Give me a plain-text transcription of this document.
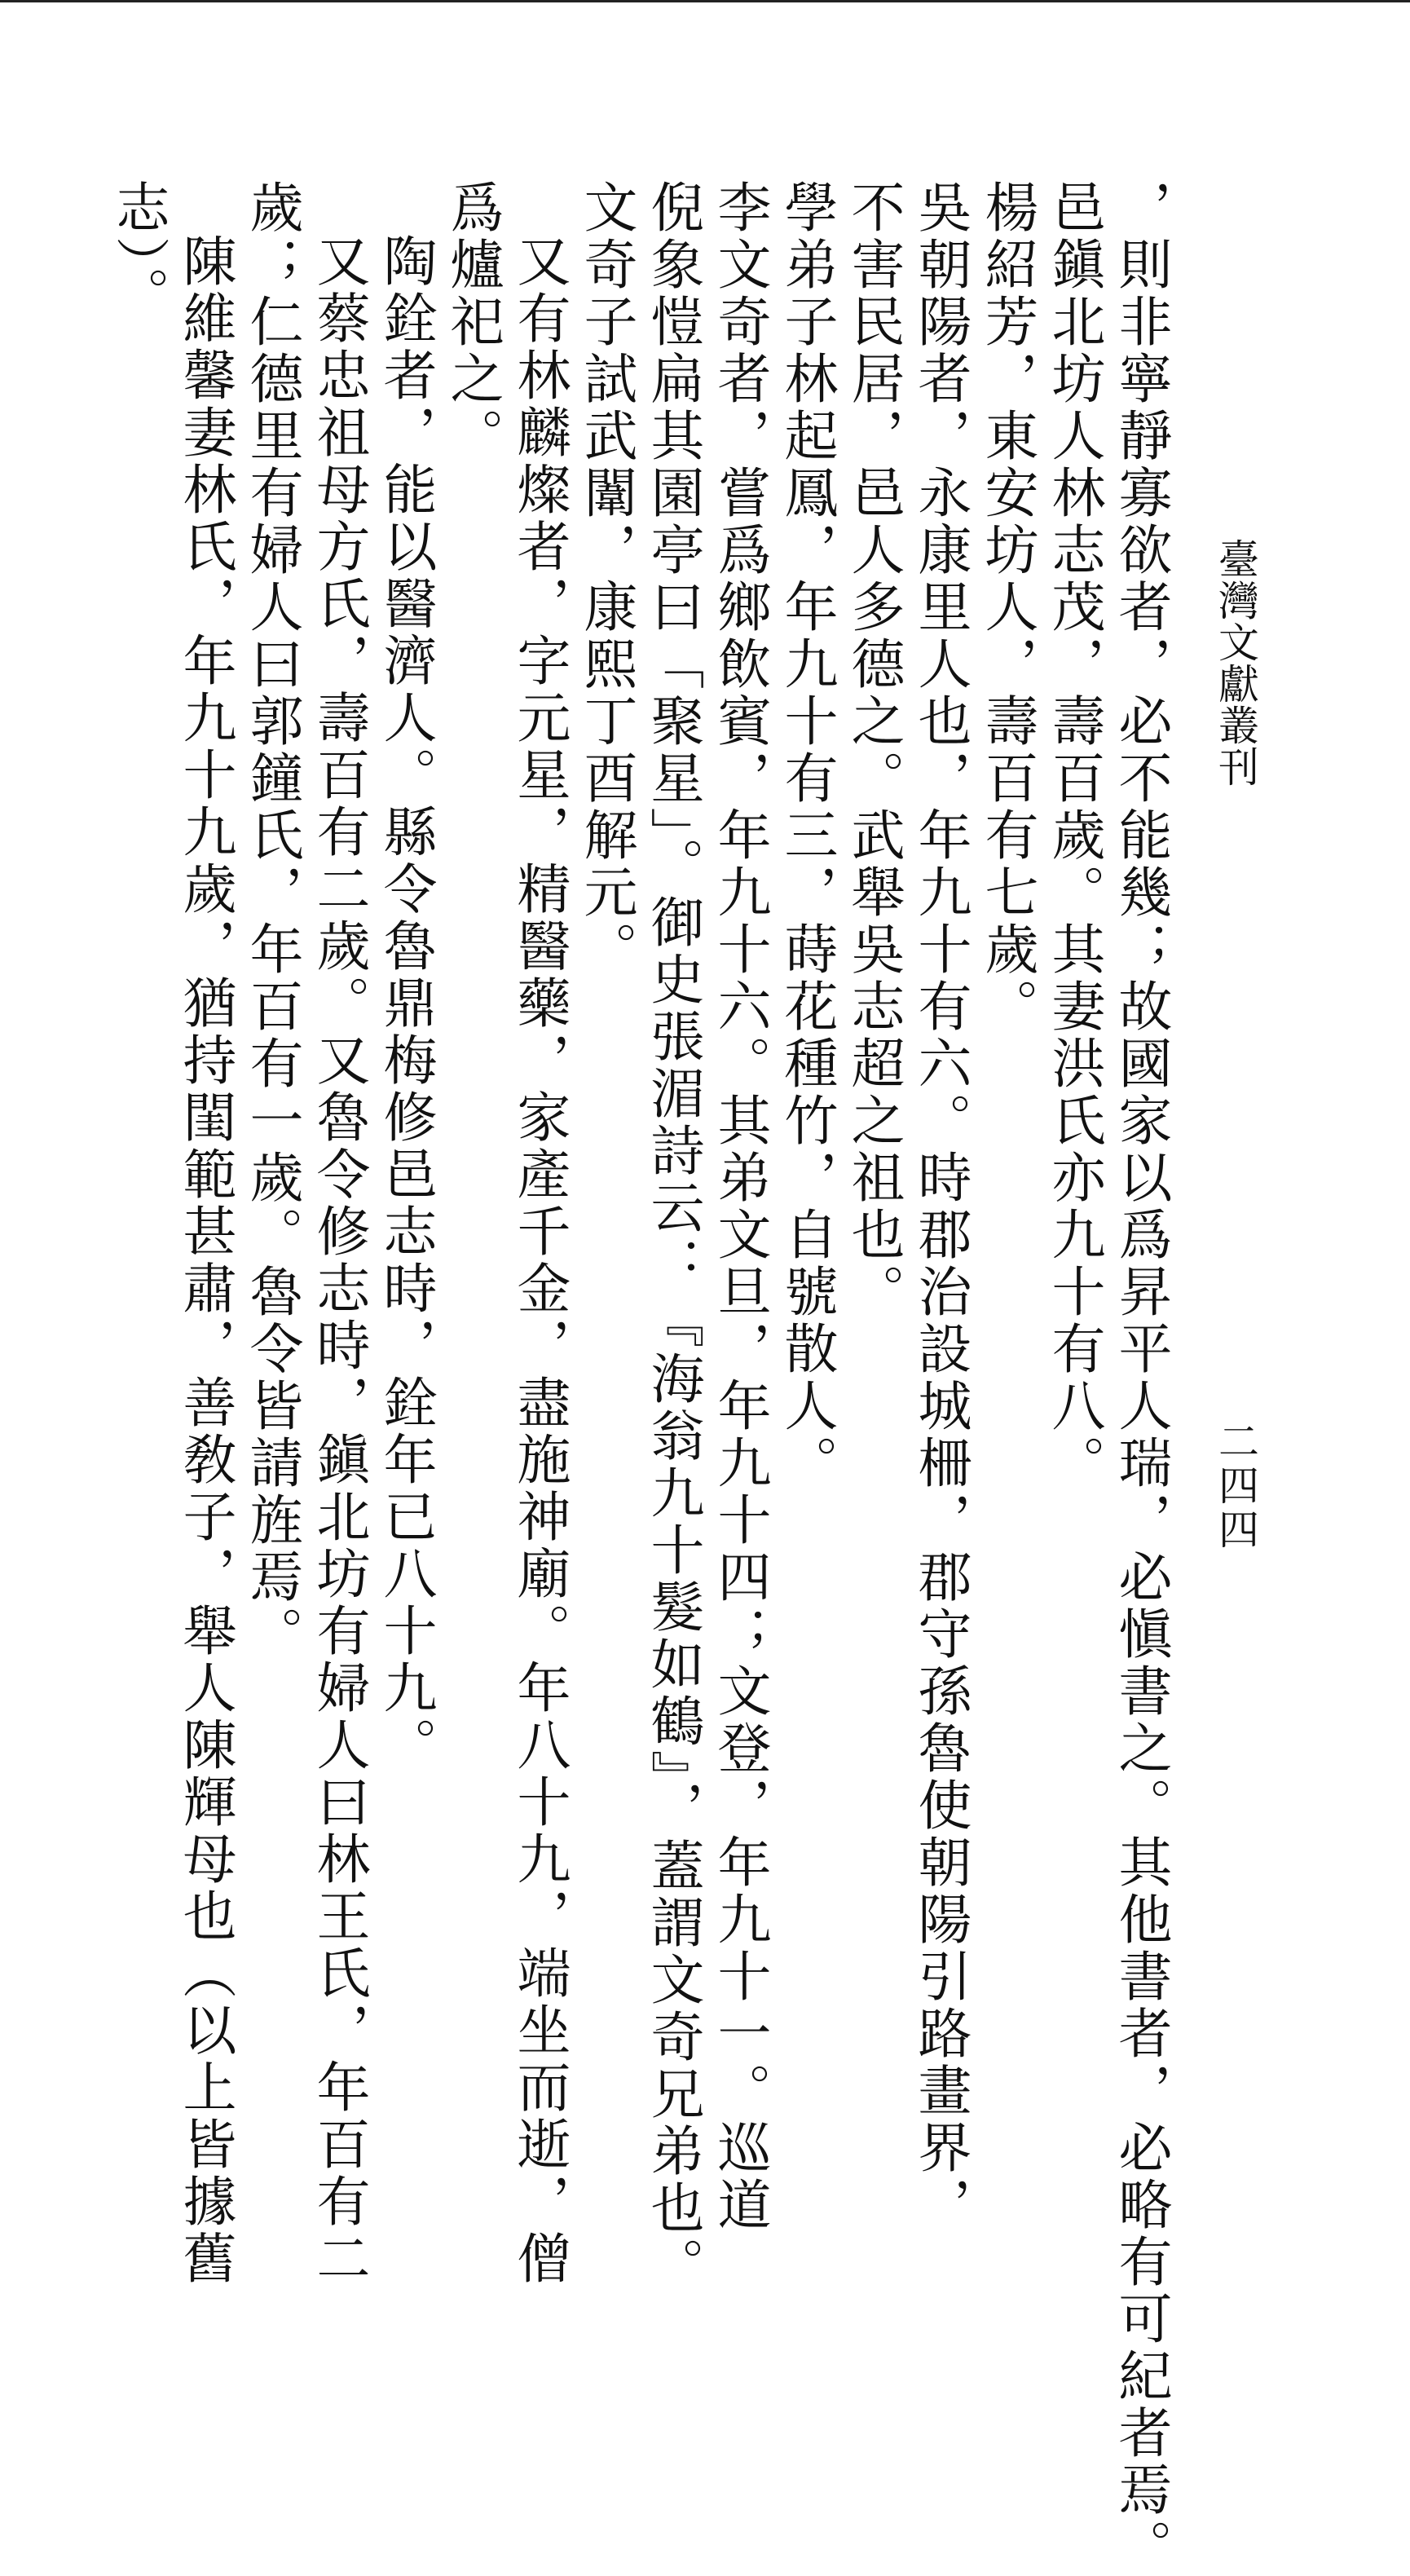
臺灣文獻叢刊
二四四

，則非寧靜寡欲者，必不能幾；故國家以爲昇平人瑞，必愼書之。其他書者，必略有可紀者焉。

邑鎭北坊人林志茂，壽百歲。其妻洪氏亦九十有八。

楊紹芳，東安坊人，壽百有七歲。

吳朝陽者，永康里人也，年九十有六。時郡治設城柵，郡守孫魯使朝陽引路畫界，

不害民居，邑人多德之。武舉吳志超之祖也。

學弟子林起鳳，年九十有三，蒔花種竹，自號散人。

李文奇者，嘗爲鄉飲賓，年九十六。其弟文旦，年九十四；文登，年九十一。巡道

倪象愷扁其園亭曰「聚星」。御史張湄詩云：『海翁九十髮如鶴』，蓋謂文奇兄弟也。

文奇子試武闈，康熙丁酉解元。

又有林麟燦者，字元星，精醫藥，家產千金，盡施神廟。年八十九，端坐而逝，僧

爲爐祀之。

陶銓者，能以醫濟人。縣令魯鼎梅修邑志時，銓年已八十九。

又蔡忠祖母方氏，壽百有二歲。又魯令修志時，鎭北坊有婦人曰林王氏，年百有二

歲；仁德里有婦人曰郭鐘氏，年百有一歲。魯令皆請旌焉。

陳維馨妻林氏，年九十九歲，猶持閨範甚肅，善敎子，舉人陳輝母也（以上皆據舊

志）。
